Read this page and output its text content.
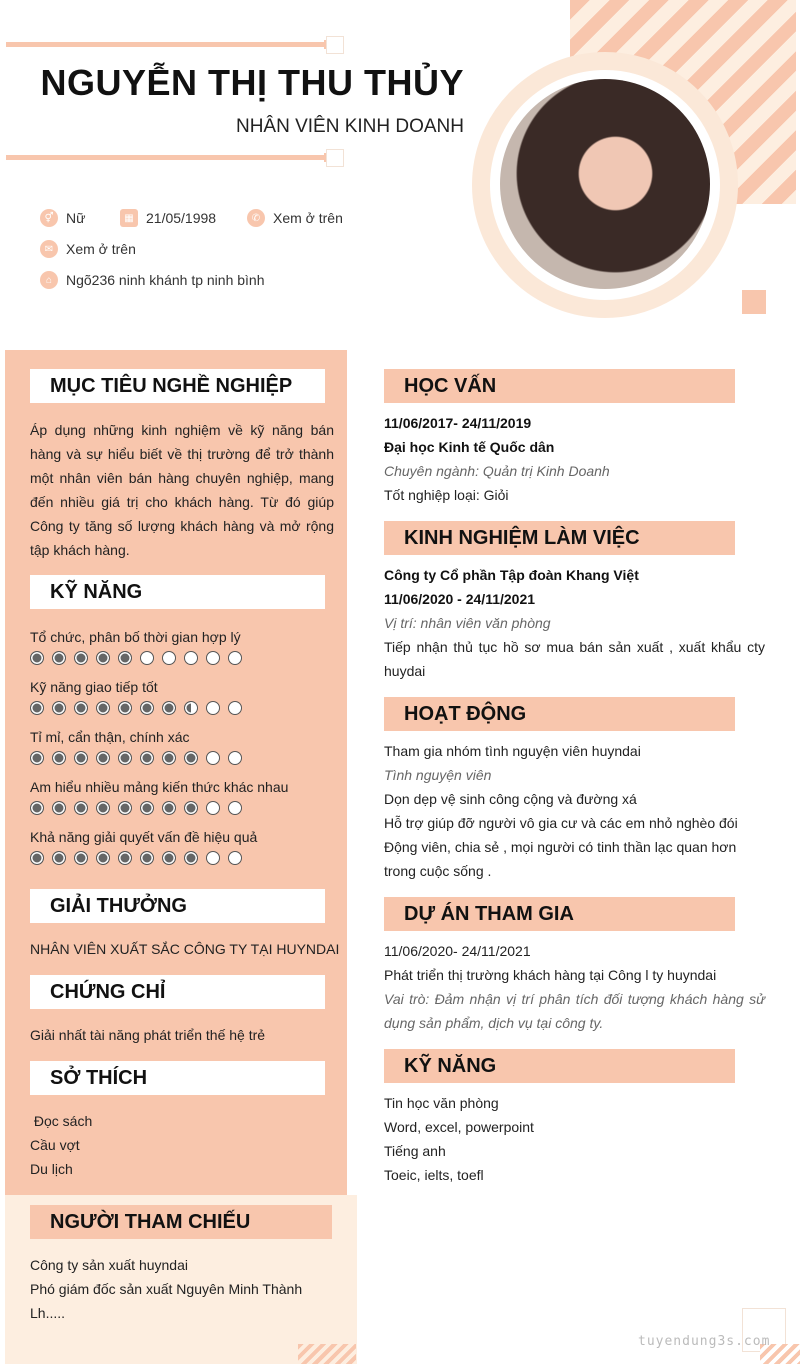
NGUYỄN THỊ THU THỦY
NHÂN VIÊN KINH DOANH
⚥ Nữ	▦ 21/05/1998	✆ Xem ở trên
✉ Xem ở trên
⌂ Ngõ236 ninh khánh tp ninh bình
MỤC TIÊU NGHỀ NGHIỆP
Áp dụng những kinh nghiệm về kỹ năng bán hàng và sự hiểu biết về thị trường để trở thành một nhân viên bán hàng chuyên nghiệp, mang đến nhiều giá trị cho khách hàng. Từ đó giúp Công ty tăng số lượng khách hàng và mở rộng tập khách hàng.
KỸ NĂNG
Tổ chức, phân bố thời gian hợp lý
Kỹ năng giao tiếp tốt
Tỉ mỉ, cẩn thận, chính xác
Am hiểu nhiều mảng kiến thức khác nhau
Khả năng giải quyết vấn đề hiệu quả
GIẢI THƯỞNG
NHÂN VIÊN XUẤT SẮC CÔNG TY TẠI HUYNDAI
CHỨNG CHỈ
Giải nhất tài năng phát triển thế hệ trẻ
SỞ THÍCH
Đọc sách
Cầu vợt
Du lịch
NGƯỜI THAM CHIẾU
Công ty sản xuất huyndai
Phó giám đốc sản xuất Nguyên Minh Thành
Lh.....
HỌC VẤN
11/06/2017- 24/11/2019
Đại học Kinh tế Quốc dân
Chuyên ngành: Quản trị Kinh Doanh
Tốt nghiệp loại: Giỏi
KINH NGHIỆM LÀM VIỆC
Công ty Cổ phần Tập đoàn Khang Việt
11/06/2020 - 24/11/2021
Vị trí: nhân viên văn phòng
Tiếp nhận thủ tục hồ sơ mua bán sản xuất , xuất khẩu cty huydai
HOẠT ĐỘNG
Tham gia nhóm tình nguyện viên huyndai
Tình nguyện viên
Dọn dẹp vệ sinh công cộng và đường xá
Hỗ trợ giúp đỡ người vô gia cư và các em nhỏ nghèo đói
Động viên, chia sẻ , mọi người có tinh thần lạc quan hơn trong cuộc sống .
DỰ ÁN THAM GIA
11/06/2020- 24/11/2021
Phát triển thị trường khách hàng tại Công l ty huyndai
Vai trò: Đảm nhận vị trí phân tích đối tượng khách hàng sử dụng sản phẩm, dịch vụ tại công ty.
KỸ NĂNG
Tin học văn phòng
Word, excel, powerpoint
Tiếng anh
Toeic, ielts, toefl
tuyendung3s.com
